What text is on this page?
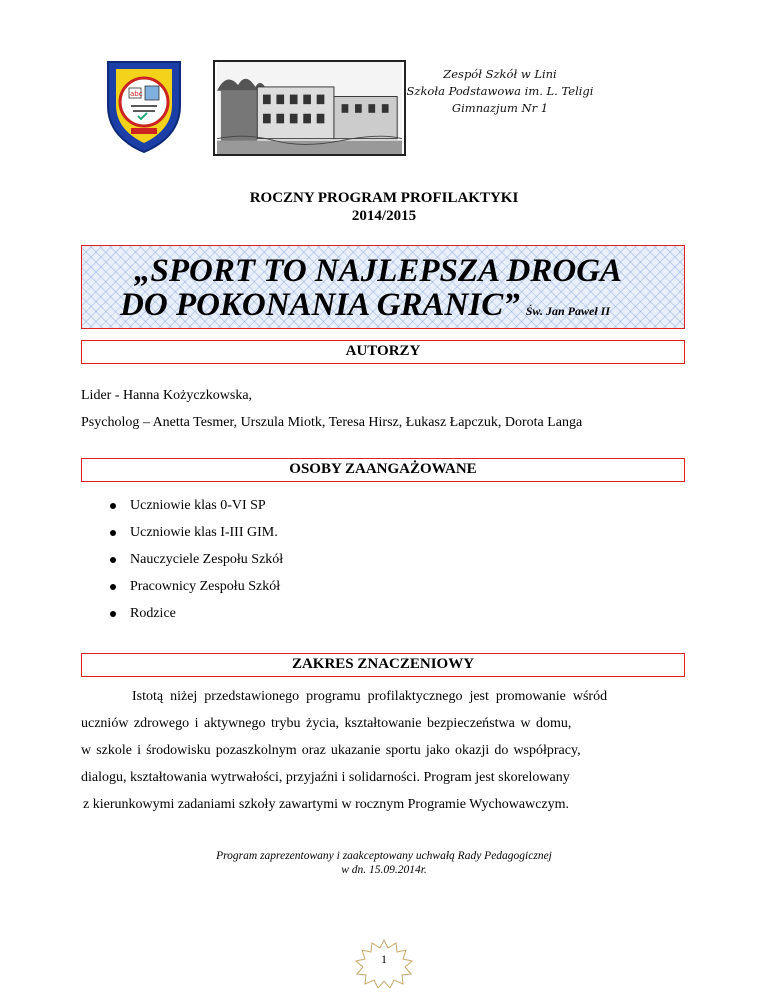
abc
Zespół Szkół w Lini
Szkoła Podstawowa im. L. Teligi
Gimnazjum Nr 1
ROCZNY PROGRAM PROFILAKTYKI
2014/2015
„SPORT TO NAJLEPSZA DROGA
DO POKONANIA GRANIC” Św. Jan Paweł II
AUTORZY
Lider - Hanna Kożyczkowska,
Psycholog – Anetta Tesmer, Urszula Miotk, Teresa Hirsz, Łukasz Łapczuk, Dorota Langa
OSOBY ZAANGAŻOWANE
Uczniowie klas 0-VI SP
Uczniowie klas I-III GIM.
Nauczyciele Zespołu Szkół
Pracownicy Zespołu Szkół
Rodzice
ZAKRES ZNACZENIOWY
Istotą niżej przedstawionego programu profilaktycznego jest promowanie wśród
uczniów zdrowego i aktywnego trybu życia, kształtowanie bezpieczeństwa w domu,
w szkole i środowisku pozaszkolnym oraz ukazanie sportu jako okazji do współpracy,
dialogu, kształtowania wytrwałości, przyjaźni i solidarności. Program jest skorelowany
z kierunkowymi zadaniami szkoły zawartymi w rocznym Programie Wychowawczym.
Program zaprezentowany i zaakceptowany uchwałą Rady Pedagogicznej
w dn. 15.09.2014r.
1
